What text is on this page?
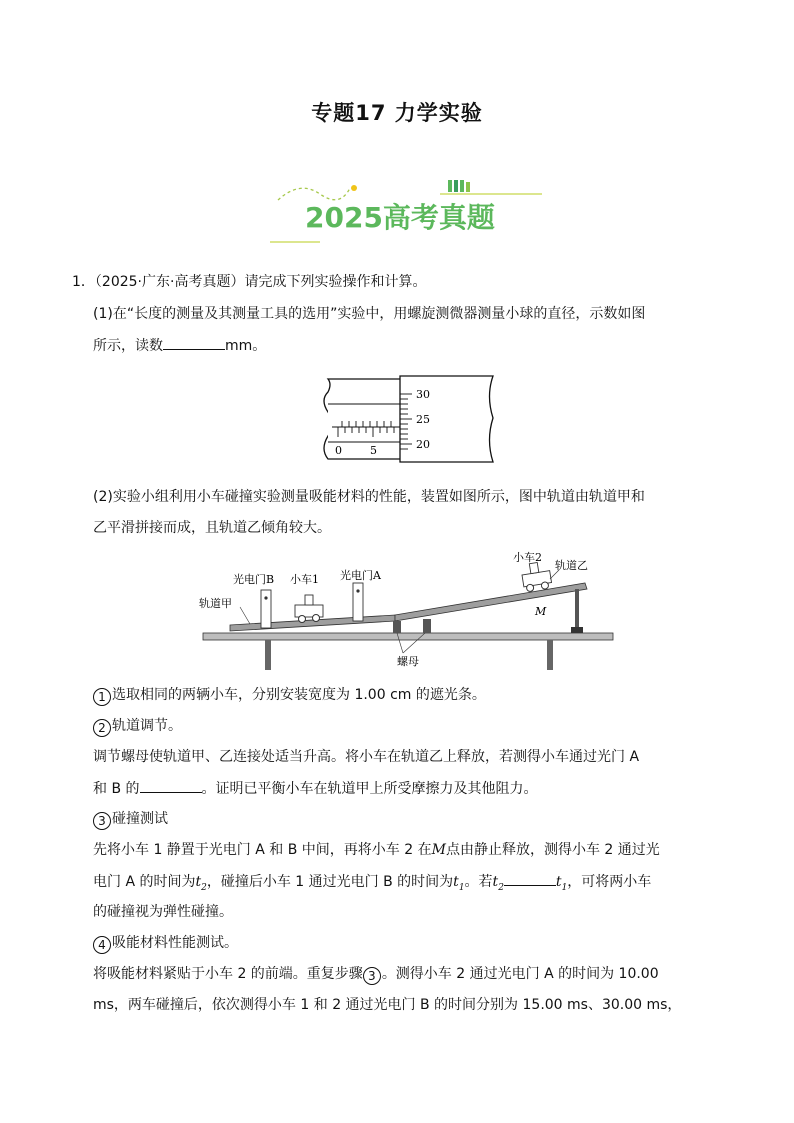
专题17 力学实验
2025高考真题
1．（2025·广东·高考真题）请完成下列实验操作和计算。
(1)在“长度的测量及其测量工具的选用”实验中，用螺旋测微器测量小球的直径，示数如图
所示，读数	mm。
0	5
30
25
20
(2)实验小组利用小车碰撞实验测量吸能材料的性能，装置如图所示，图中轨道由轨道甲和
乙平滑拼接而成，且轨道乙倾角较大。
光电门B 小车1 光电门A
小车2
轨道乙
轨道甲
M
螺母
1 选取相同的两辆小车，分别安装宽度为 1.00 cm 的遮光条。
2 轨道调节。
调节螺母使轨道甲、乙连接处适当升高。将小车在轨道乙上释放，若测得小车通过光门 A
和 B 的	。证明已平衡小车在轨道甲上所受摩擦力及其他阻力。
3 碰撞测试
先将小车 1 静置于光电门 A 和 B 中间，再将小车 2 在M点由静止释放，测得小车 2 通过光
电门 A 的时间为$t_2$，碰撞后小车 1 通过光电门 B 的时间为$t_1$。若$t_2$	$t_1$，可将两小车
的碰撞视为弹性碰撞。
4 吸能材料性能测试。
将吸能材料紧贴于小车 2 的前端。重复步骤 3 。测得小车 2 通过光电门 A 的时间为 10.00
ms，两车碰撞后，依次测得小车 1 和 2 通过光电门 B 的时间分别为 15.00 ms、30.00 ms，
